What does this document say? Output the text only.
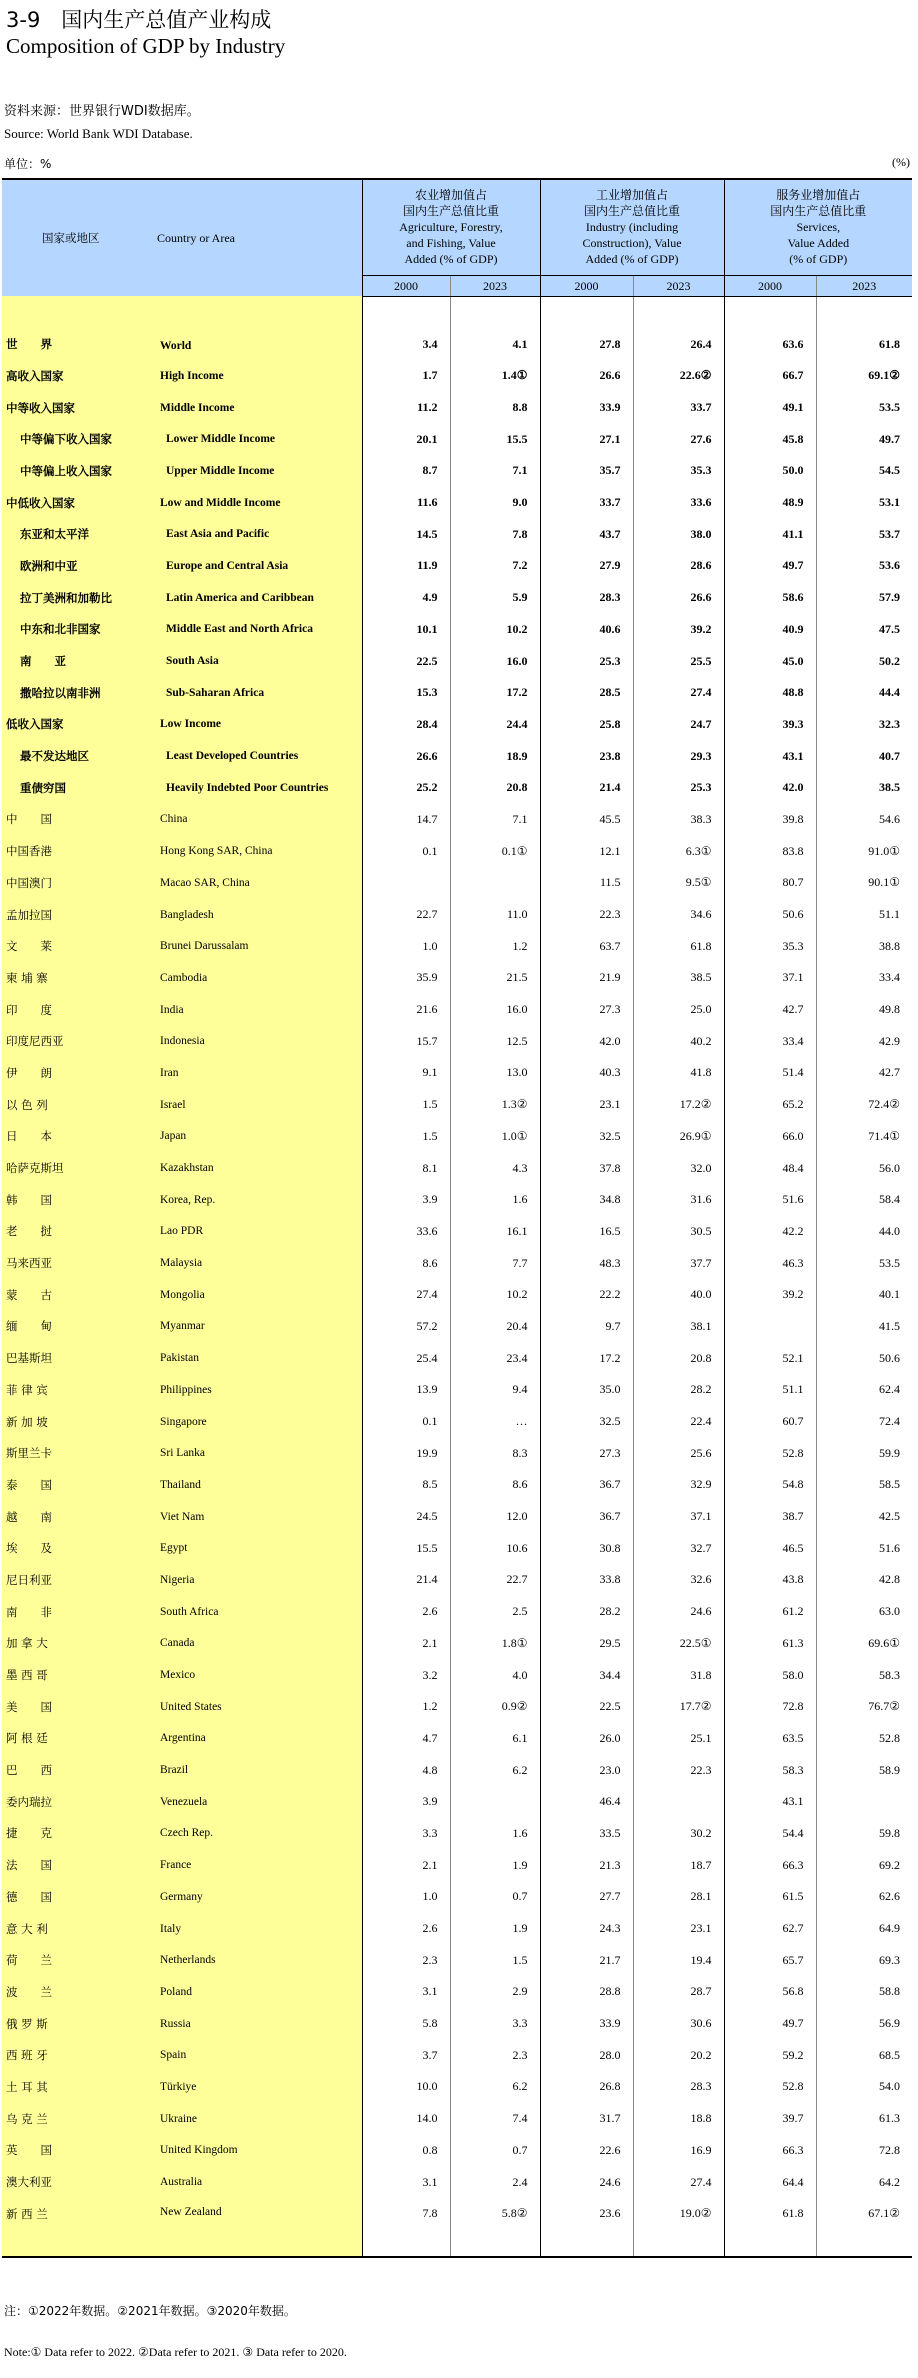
3-9　国内生产总值产业构成
Composition of GDP by Industry
资料来源：世界银行WDI数据库。
Source: World Bank WDI Database.
单位：%	(%)
国家或地区	Country or Area	农业增加值占
国内生产总值比重
Agriculture, Forestry,
and Fishing, Value
Added (% of GDP)		工业增加值占
国内生产总值比重
Industry (including
Construction), Value
Added (% of GDP)		服务业增加值占
国内生产总值比重
Services,
Value Added
(% of GDP)	
		2000	2023	2000	2023	2000	2023
世　　界	World	3.4	4.1	27.8	26.4	63.6	61.8
高收入国家	High Income	1.7	1.4①	26.6	22.6②	66.7	69.1②
中等收入国家	Middle Income	11.2	8.8	33.9	33.7	49.1	53.5
中等偏下收入国家	Lower Middle Income	20.1	15.5	27.1	27.6	45.8	49.7
中等偏上收入国家	Upper Middle Income	8.7	7.1	35.7	35.3	50.0	54.5
中低收入国家	Low and Middle Income	11.6	9.0	33.7	33.6	48.9	53.1
东亚和太平洋	East Asia and Pacific	14.5	7.8	43.7	38.0	41.1	53.7
欧洲和中亚	Europe and Central Asia	11.9	7.2	27.9	28.6	49.7	53.6
拉丁美洲和加勒比	Latin America and Caribbean	4.9	5.9	28.3	26.6	58.6	57.9
中东和北非国家	Middle East and North Africa	10.1	10.2	40.6	39.2	40.9	47.5
南　　亚	South Asia	22.5	16.0	25.3	25.5	45.0	50.2
撒哈拉以南非洲	Sub-Saharan Africa	15.3	17.2	28.5	27.4	48.8	44.4
低收入国家	Low Income	28.4	24.4	25.8	24.7	39.3	32.3
最不发达地区	Least Developed Countries	26.6	18.9	23.8	29.3	43.1	40.7
重债穷国	Heavily Indebted Poor Countries	25.2	20.8	21.4	25.3	42.0	38.5
中　　国	China	14.7	7.1	45.5	38.3	39.8	54.6
中国香港	Hong Kong SAR, China	0.1	0.1①	12.1	6.3①	83.8	91.0①
中国澳门	Macao SAR, China			11.5	9.5①	80.7	90.1①
孟加拉国	Bangladesh	22.7	11.0	22.3	34.6	50.6	51.1
文　　莱	Brunei Darussalam	1.0	1.2	63.7	61.8	35.3	38.8
柬 埔 寨	Cambodia	35.9	21.5	21.9	38.5	37.1	33.4
印　　度	India	21.6	16.0	27.3	25.0	42.7	49.8
印度尼西亚	Indonesia	15.7	12.5	42.0	40.2	33.4	42.9
伊　　朗	Iran	9.1	13.0	40.3	41.8	51.4	42.7
以 色 列	Israel	1.5	1.3②	23.1	17.2②	65.2	72.4②
日　　本	Japan	1.5	1.0①	32.5	26.9①	66.0	71.4①
哈萨克斯坦	Kazakhstan	8.1	4.3	37.8	32.0	48.4	56.0
韩　　国	Korea, Rep.	3.9	1.6	34.8	31.6	51.6	58.4
老　　挝	Lao PDR	33.6	16.1	16.5	30.5	42.2	44.0
马来西亚	Malaysia	8.6	7.7	48.3	37.7	46.3	53.5
蒙　　古	Mongolia	27.4	10.2	22.2	40.0	39.2	40.1
缅　　甸	Myanmar	57.2	20.4	9.7	38.1		41.5
巴基斯坦	Pakistan	25.4	23.4	17.2	20.8	52.1	50.6
菲 律 宾	Philippines	13.9	9.4	35.0	28.2	51.1	62.4
新 加 坡	Singapore	0.1	…	32.5	22.4	60.7	72.4
斯里兰卡	Sri Lanka	19.9	8.3	27.3	25.6	52.8	59.9
泰　　国	Thailand	8.5	8.6	36.7	32.9	54.8	58.5
越　　南	Viet Nam	24.5	12.0	36.7	37.1	38.7	42.5
埃　　及	Egypt	15.5	10.6	30.8	32.7	46.5	51.6
尼日利亚	Nigeria	21.4	22.7	33.8	32.6	43.8	42.8
南　　非	South Africa	2.6	2.5	28.2	24.6	61.2	63.0
加 拿 大	Canada	2.1	1.8①	29.5	22.5①	61.3	69.6①
墨 西 哥	Mexico	3.2	4.0	34.4	31.8	58.0	58.3
美　　国	United States	1.2	0.9②	22.5	17.7②	72.8	76.7②
阿 根 廷	Argentina	4.7	6.1	26.0	25.1	63.5	52.8
巴　　西	Brazil	4.8	6.2	23.0	22.3	58.3	58.9
委内瑞拉	Venezuela	3.9		46.4		43.1	
捷　　克	Czech Rep.	3.3	1.6	33.5	30.2	54.4	59.8
法　　国	France	2.1	1.9	21.3	18.7	66.3	69.2
德　　国	Germany	1.0	0.7	27.7	28.1	61.5	62.6
意 大 利	Italy	2.6	1.9	24.3	23.1	62.7	64.9
荷　　兰	Netherlands	2.3	1.5	21.7	19.4	65.7	69.3
波　　兰	Poland	3.1	2.9	28.8	28.7	56.8	58.8
俄 罗 斯	Russia	5.8	3.3	33.9	30.6	49.7	56.9
西 班 牙	Spain	3.7	2.3	28.0	20.2	59.2	68.5
土 耳 其	Türkiye	10.0	6.2	26.8	28.3	52.8	54.0
乌 克 兰	Ukraine	14.0	7.4	31.7	18.8	39.7	61.3
英　　国	United Kingdom	0.8	0.7	22.6	16.9	66.3	72.8
澳大利亚	Australia	3.1	2.4	24.6	27.4	64.4	64.2
新 西 兰	New Zealand	7.8	5.8②	23.6	19.0②	61.8	67.1②
注：①2022年数据。②2021年数据。③2020年数据。
Note:① Data refer to 2022. ②Data refer to 2021. ③ Data refer to 2020.
